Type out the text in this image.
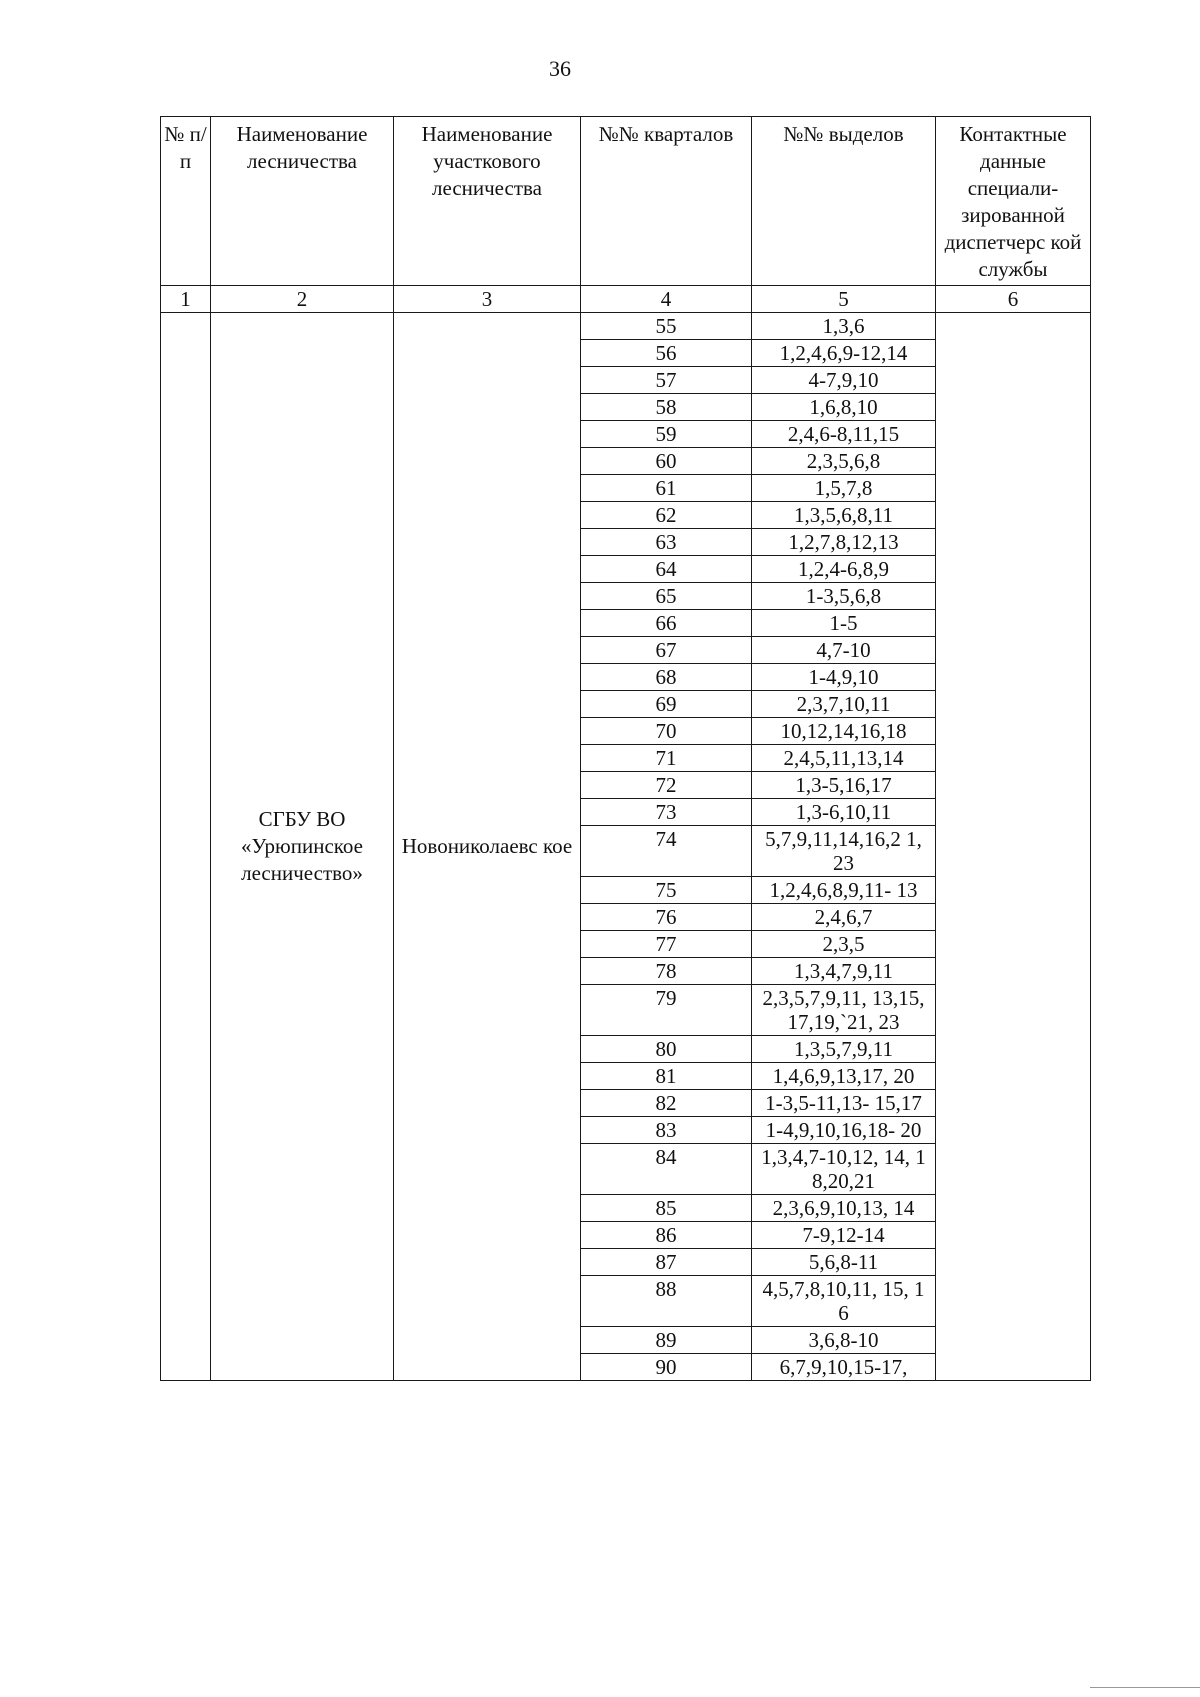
36
№ п/п	Наименование лесничества	Наименование участкового лесничества	№№ кварталов	№№ выделов	Контактные данные специали-зированной диспетчерс кой службы
1	2	3	4	5	6
	СГБУ ВО «Урюпинское лесничество»	Новониколаевс кое	55	1,3,6	
			56	1,2,4,6,9-12,14	
			57	4-7,9,10	
			58	1,6,8,10	
			59	2,4,6-8,11,15	
			60	2,3,5,6,8	
			61	1,5,7,8	
			62	1,3,5,6,8,11	
			63	1,2,7,8,12,13	
			64	1,2,4-6,8,9	
			65	1-3,5,6,8	
			66	1-5	
			67	4,7-10	
			68	1-4,9,10	
			69	2,3,7,10,11	
			70	10,12,14,16,18	
			71	2,4,5,11,13,14	
			72	1,3-5,16,17	
			73	1,3-6,10,11	
			74	5,7,9,11,14,16,2 1,23	
			75	1,2,4,6,8,9,11- 13	
			76	2,4,6,7	
			77	2,3,5	
			78	1,3,4,7,9,11	
			79	2,3,5,7,9,11, 13,15,17,19,`21, 23	
			80	1,3,5,7,9,11	
			81	1,4,6,9,13,17, 20	
			82	1-3,5-11,13- 15,17	
			83	1-4,9,10,16,18- 20	
			84	1,3,4,7-10,12, 14, 18,20,21	
			85	2,3,6,9,10,13, 14	
			86	7-9,12-14	
			87	5,6,8-11	
			88	4,5,7,8,10,11, 15, 16	
			89	3,6,8-10	
			90	6,7,9,10,15-17,	
